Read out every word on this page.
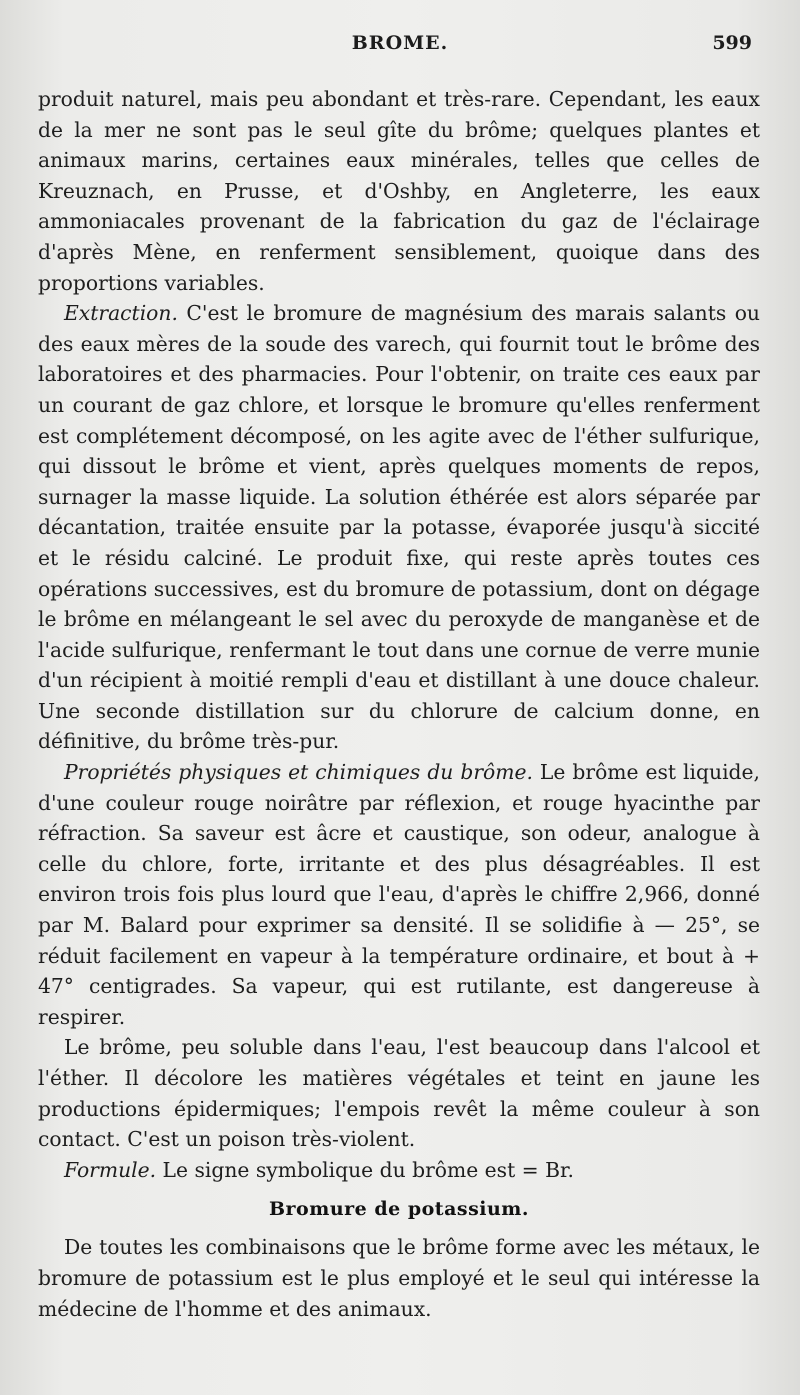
BROME.	599

produit naturel, mais peu abondant et très-rare. Cependant, les eaux de la mer ne sont pas le seul gîte du brôme; quelques plantes et animaux marins, certaines eaux minérales, telles que celles de Kreuznach, en Prusse, et d'Oshby, en Angleterre, les eaux ammoniacales provenant de la fabrication du gaz de l'éclairage d'après Mène, en renferment sensiblement, quoique dans des proportions variables.

Extraction. C'est le bromure de magnésium des marais salants ou des eaux mères de la soude des varech, qui fournit tout le brôme des laboratoires et des pharmacies. Pour l'obtenir, on traite ces eaux par un courant de gaz chlore, et lorsque le bromure qu'elles renferment est complétement décomposé, on les agite avec de l'éther sulfurique, qui dissout le brôme et vient, après quelques moments de repos, surnager la masse liquide. La solution éthérée est alors séparée par décantation, traitée ensuite par la potasse, évaporée jusqu'à siccité et le résidu calciné. Le produit fixe, qui reste après toutes ces opérations successives, est du bromure de potassium, dont on dégage le brôme en mélangeant le sel avec du peroxyde de manganèse et de l'acide sulfurique, renfermant le tout dans une cornue de verre munie d'un récipient à moitié rempli d'eau et distillant à une douce chaleur. Une seconde distillation sur du chlorure de calcium donne, en définitive, du brôme très-pur.

Propriétés physiques et chimiques du brôme. Le brôme est liquide, d'une couleur rouge noirâtre par réflexion, et rouge hyacinthe par réfraction. Sa saveur est âcre et caustique, son odeur, analogue à celle du chlore, forte, irritante et des plus désagréables. Il est environ trois fois plus lourd que l'eau, d'après le chiffre 2,966, donné par M. Balard pour exprimer sa densité. Il se solidifie à — 25°, se réduit facilement en vapeur à la température ordinaire, et bout à + 47° centigrades. Sa vapeur, qui est rutilante, est dangereuse à respirer.

Le brôme, peu soluble dans l'eau, l'est beaucoup dans l'alcool et l'éther. Il décolore les matières végétales et teint en jaune les productions épidermiques; l'empois revêt la même couleur à son contact. C'est un poison très-violent.

Formule. Le signe symbolique du brôme est = Br.

Bromure de potassium.

De toutes les combinaisons que le brôme forme avec les métaux, le bromure de potassium est le plus employé et le seul qui intéresse la médecine de l'homme et des animaux.
